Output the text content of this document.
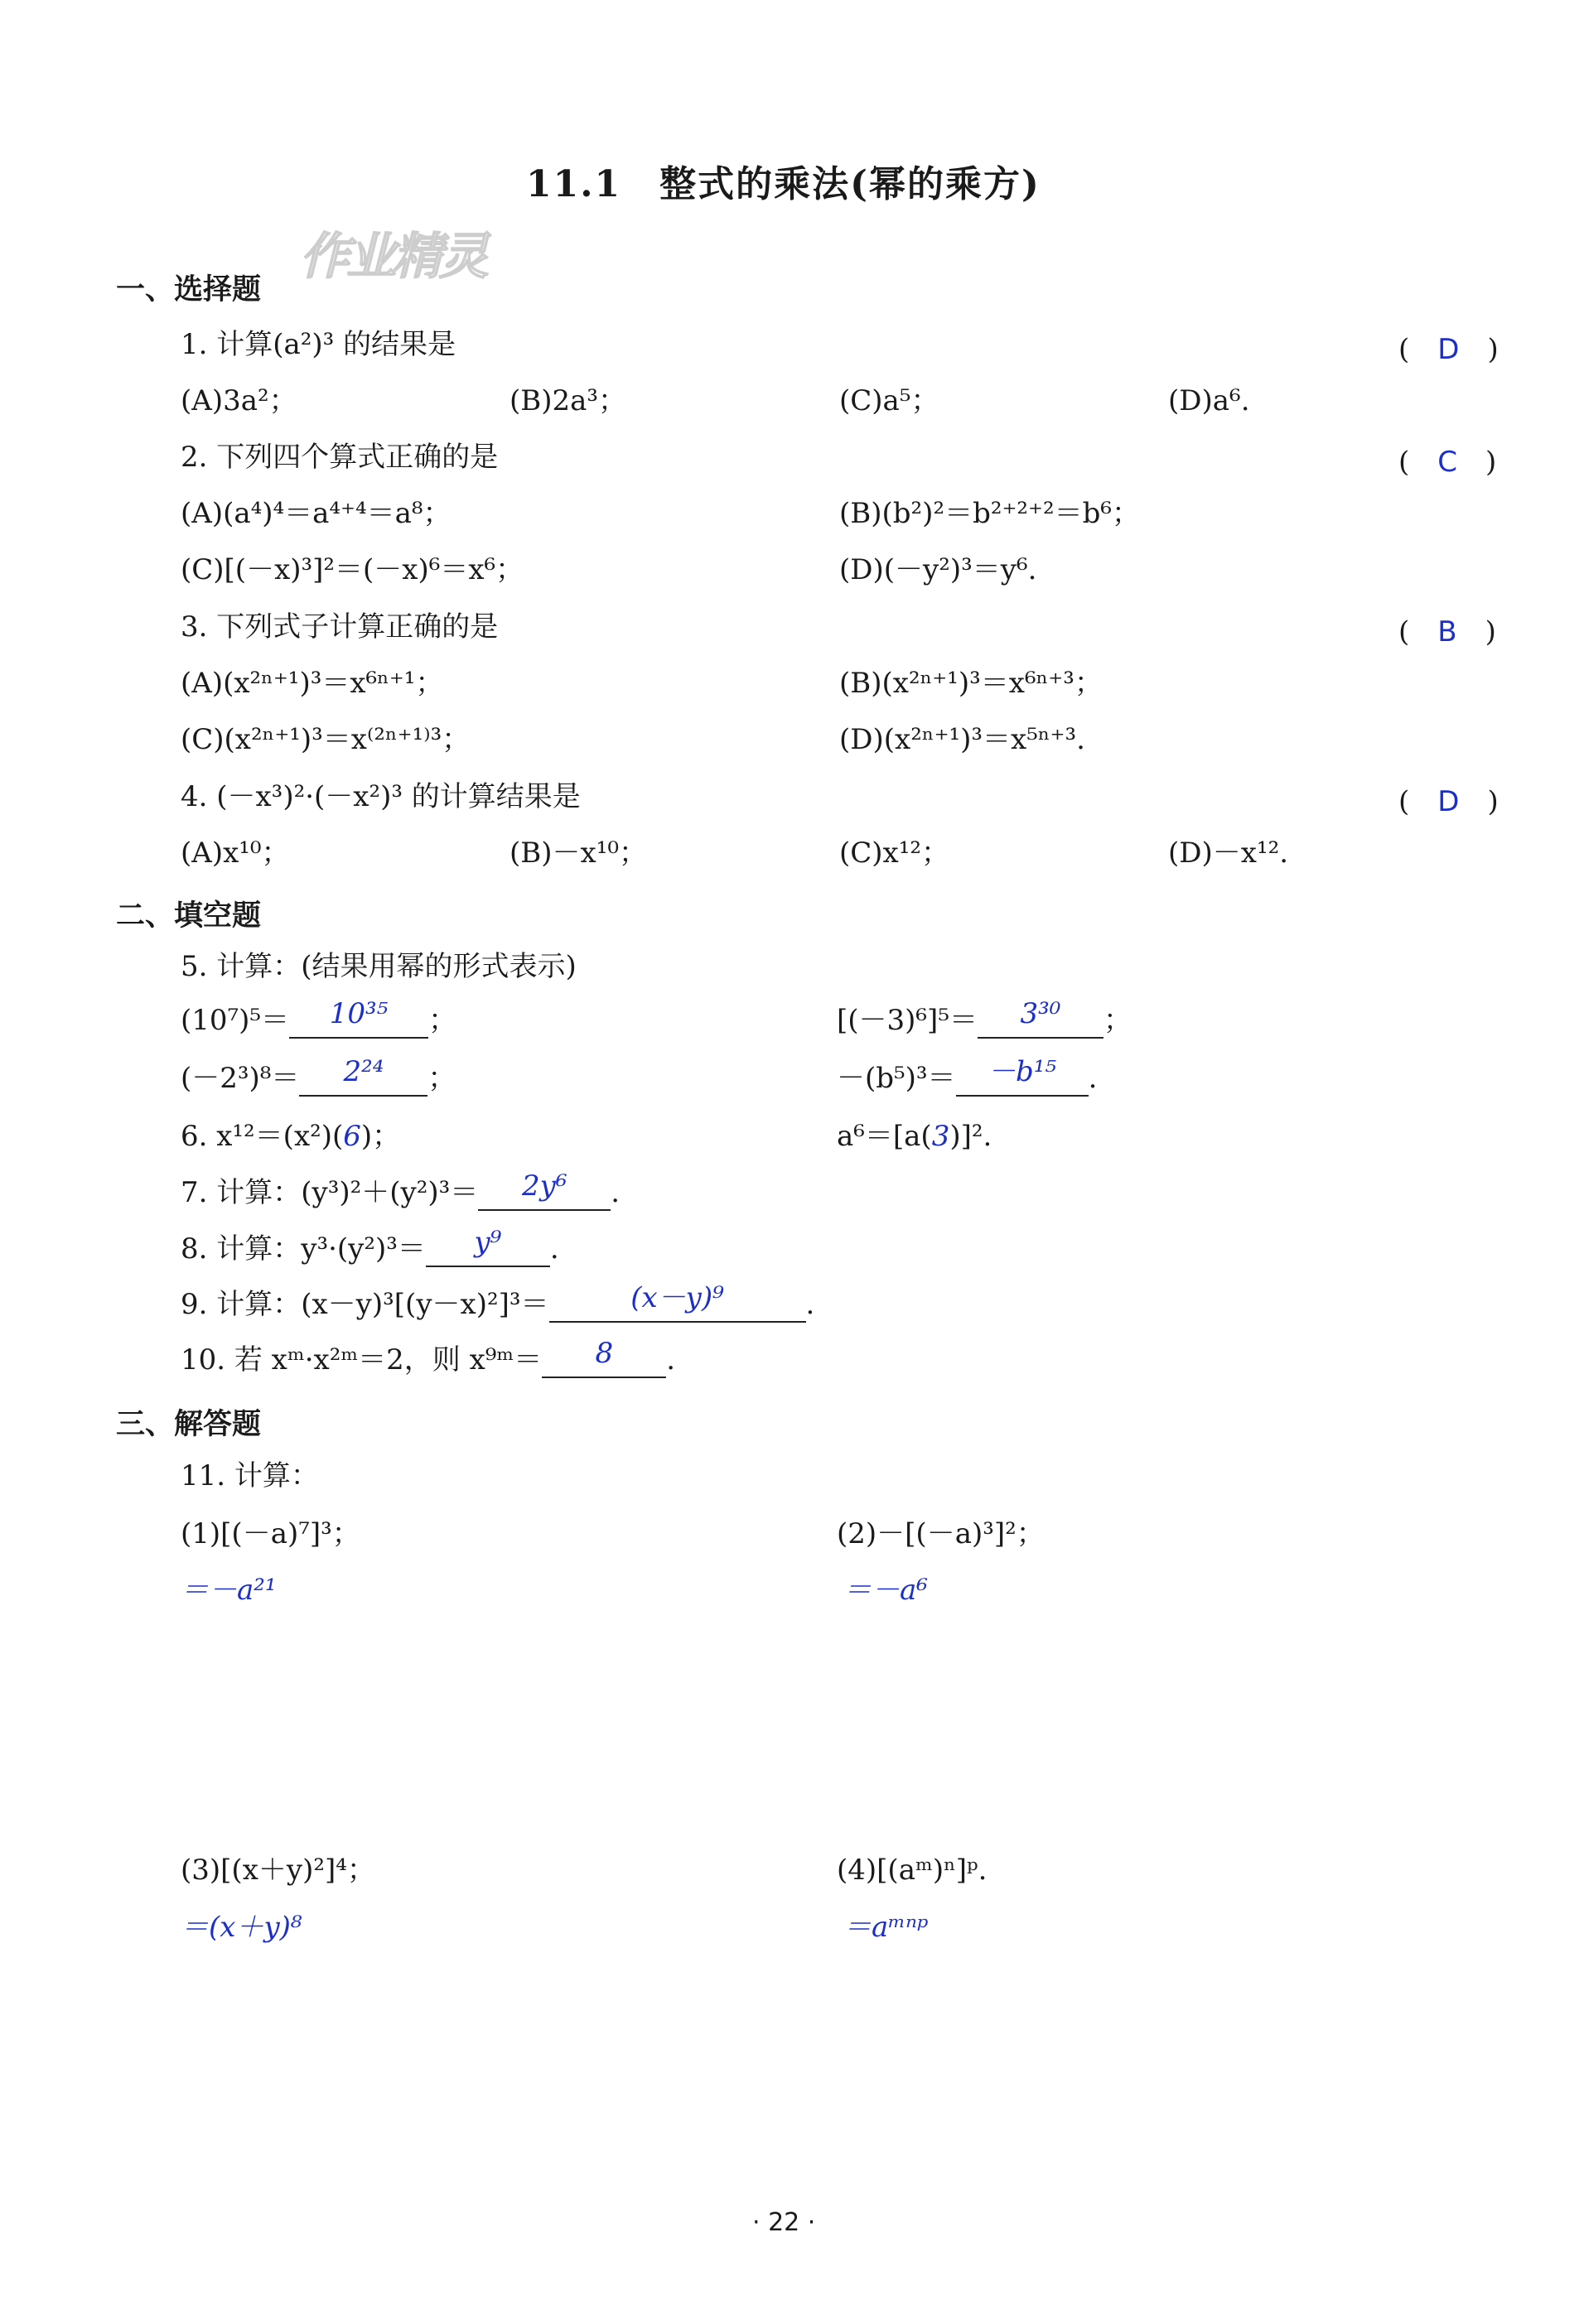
11.1　整式的乘法(幂的乘方)
作业精灵
一、选择题
1. 计算(a²)³ 的结果是	(　D　)
(A)3a²；	(B)2a³；	(C)a⁵；	(D)a⁶.
2. 下列四个算式正确的是	(　C　)
(A)(a⁴)⁴＝a⁴⁺⁴＝a⁸；	(B)(b²)²＝b²⁺²⁺²＝b⁶；
(C)[(－x)³]²＝(－x)⁶＝x⁶；	(D)(－y²)³＝y⁶.
3. 下列式子计算正确的是	(　B　)
(A)(x²ⁿ⁺¹)³＝x⁶ⁿ⁺¹；	(B)(x²ⁿ⁺¹)³＝x⁶ⁿ⁺³；
(C)(x²ⁿ⁺¹)³＝x⁽²ⁿ⁺¹⁾³；	(D)(x²ⁿ⁺¹)³＝x⁵ⁿ⁺³.
4. (－x³)²·(－x²)³ 的计算结果是	(　D　)
(A)x¹⁰；	(B)－x¹⁰；	(C)x¹²；	(D)－x¹².
二、填空题
5. 计算：(结果用幂的形式表示)
(10⁷)⁵＝	10³⁵	；	[(－3)⁶]⁵＝	3³⁰	；
(－2³)⁸＝	2²⁴	；	－(b⁵)³＝	－b¹⁵	.
6. x¹²＝(x²)(6)；	a⁶＝[a(3)]².
7. 计算：(y³)²＋(y²)³＝	2y⁶	.
8. 计算：y³·(y²)³＝	y⁹	.
9. 计算：(x－y)³[(y－x)²]³＝	(x－y)⁹	.
10. 若 xᵐ·x²ᵐ＝2，则 x⁹ᵐ＝	8	.
三、解答题
11. 计算：
(1)[(－a)⁷]³；
＝－a²¹
(2)－[(－a)³]²；
＝－a⁶
(3)[(x＋y)²]⁴；
＝(x＋y)⁸
(4)[(aᵐ)ⁿ]ᵖ.
＝aᵐⁿᵖ
· 22 ·
